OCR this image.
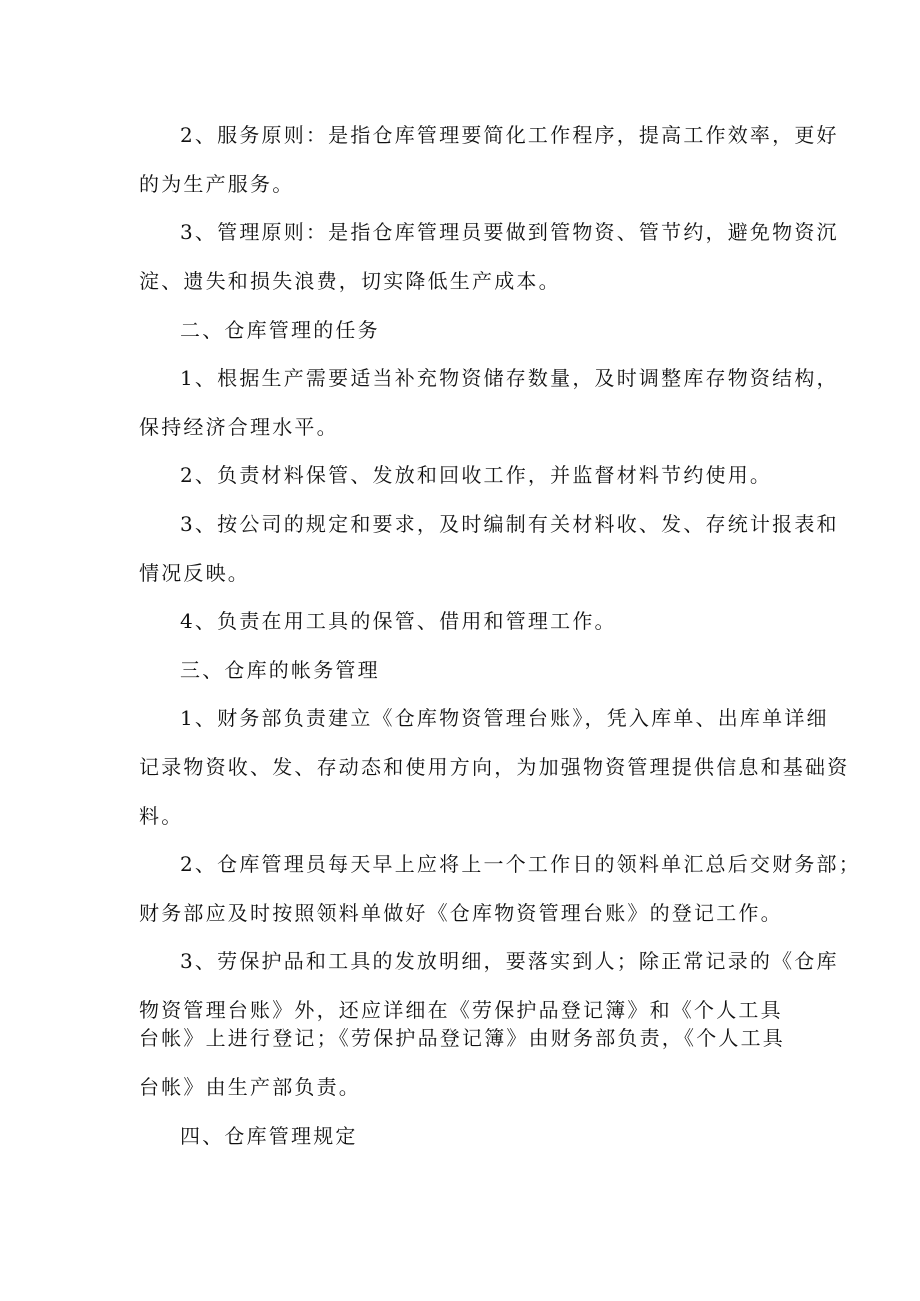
2、服务原则：是指仓库管理要简化工作程序，提高工作效率，更好
的为生产服务。
3、管理原则：是指仓库管理员要做到管物资、管节约，避免物资沉
淀、遗失和损失浪费，切实降低生产成本。
二、仓库管理的任务
1、根据生产需要适当补充物资储存数量，及时调整库存物资结构，
保持经济合理水平。
2、负责材料保管、发放和回收工作，并监督材料节约使用。
3、按公司的规定和要求，及时编制有关材料收、发、存统计报表和
情况反映。
4、负责在用工具的保管、借用和管理工作。
三、仓库的帐务管理
1、财务部负责建立《仓库物资管理台账》，凭入库单、出库单详细
记录物资收、发、存动态和使用方向，为加强物资管理提供信息和基础资
料。
2、仓库管理员每天早上应将上一个工作日的领料单汇总后交财务部；
财务部应及时按照领料单做好《仓库物资管理台账》的登记工作。
3、劳保护品和工具的发放明细，要落实到人；除正常记录的《仓库
物资管理台账》外，还应详细在《劳保护品登记簿》和《个人工具
台帐》上进行登记；《劳保护品登记簿》由财务部负责，《个人工具
台帐》由生产部负责。
四、仓库管理规定
